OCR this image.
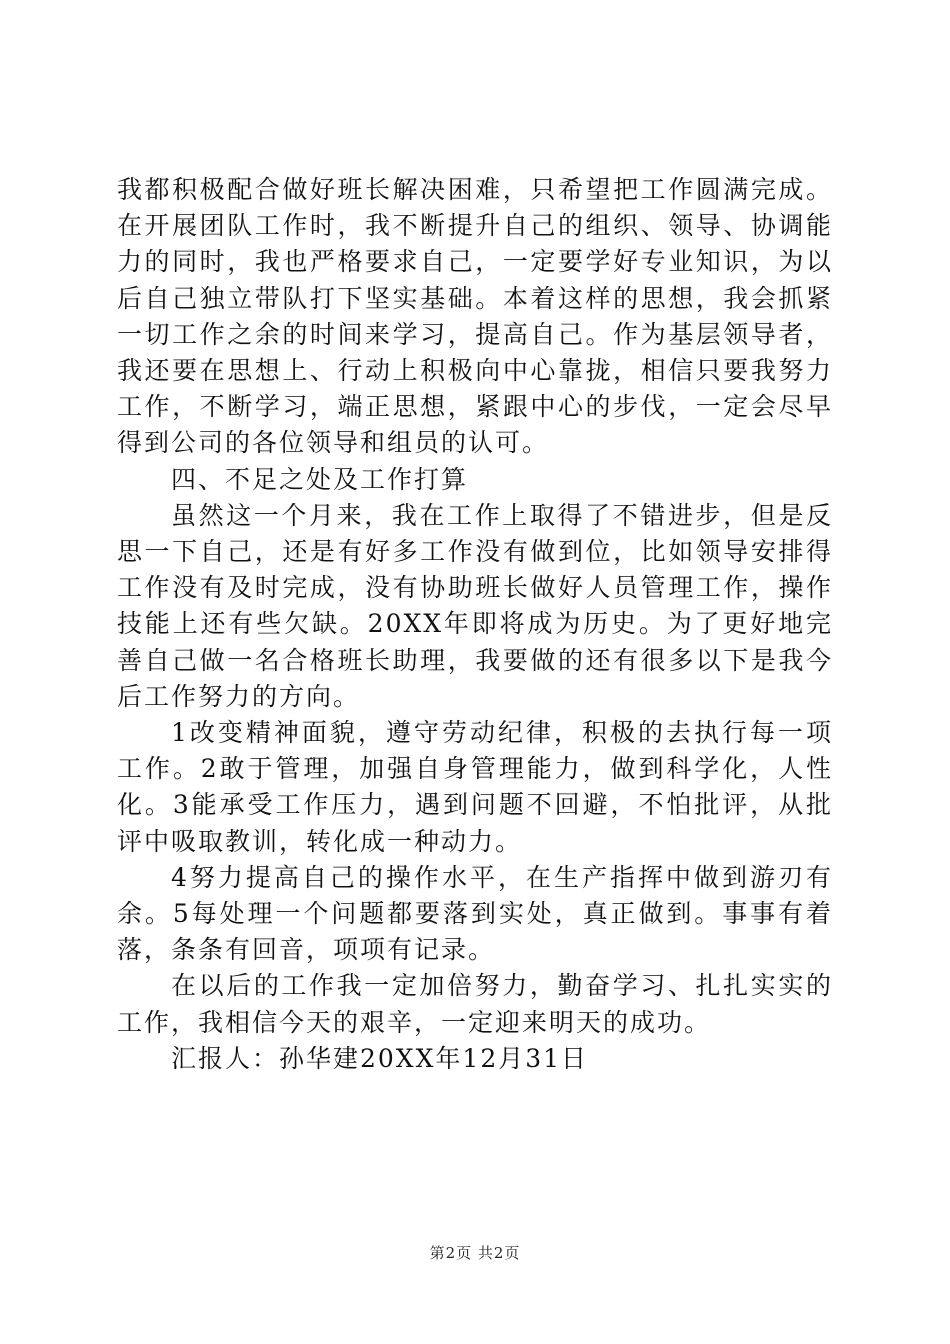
我都积极配合做好班长解决困难，只希望把工作圆满完成。在开展团队工作时，我不断提升自己的组织、领导、协调能力的同时，我也严格要求自己，一定要学好专业知识，为以后自己独立带队打下坚实基础。本着这样的思想，我会抓紧一切工作之余的时间来学习，提高自己。作为基层领导者，我还要在思想上、行动上积极向中心靠拢，相信只要我努力工作，不断学习，端正思想，紧跟中心的步伐，一定会尽早得到公司的各位领导和组员的认可。

四、不足之处及工作打算

虽然这一个月来，我在工作上取得了不错进步，但是反思一下自己，还是有好多工作没有做到位，比如领导安排得工作没有及时完成，没有协助班长做好人员管理工作，操作技能上还有些欠缺。20XX年即将成为历史。为了更好地完善自己做一名合格班长助理，我要做的还有很多以下是我今后工作努力的方向。

1改变精神面貌，遵守劳动纪律，积极的去执行每一项工作。2敢于管理，加强自身管理能力，做到科学化，人性化。3能承受工作压力，遇到问题不回避，不怕批评，从批评中吸取教训，转化成一种动力。

4努力提高自己的操作水平，在生产指挥中做到游刃有余。5每处理一个问题都要落到实处，真正做到。事事有着落，条条有回音，项项有记录。

在以后的工作我一定加倍努力，勤奋学习、扎扎实实的工作，我相信今天的艰辛，一定迎来明天的成功。

汇报人：孙华建20XX年12月31日

第2页 共2页
